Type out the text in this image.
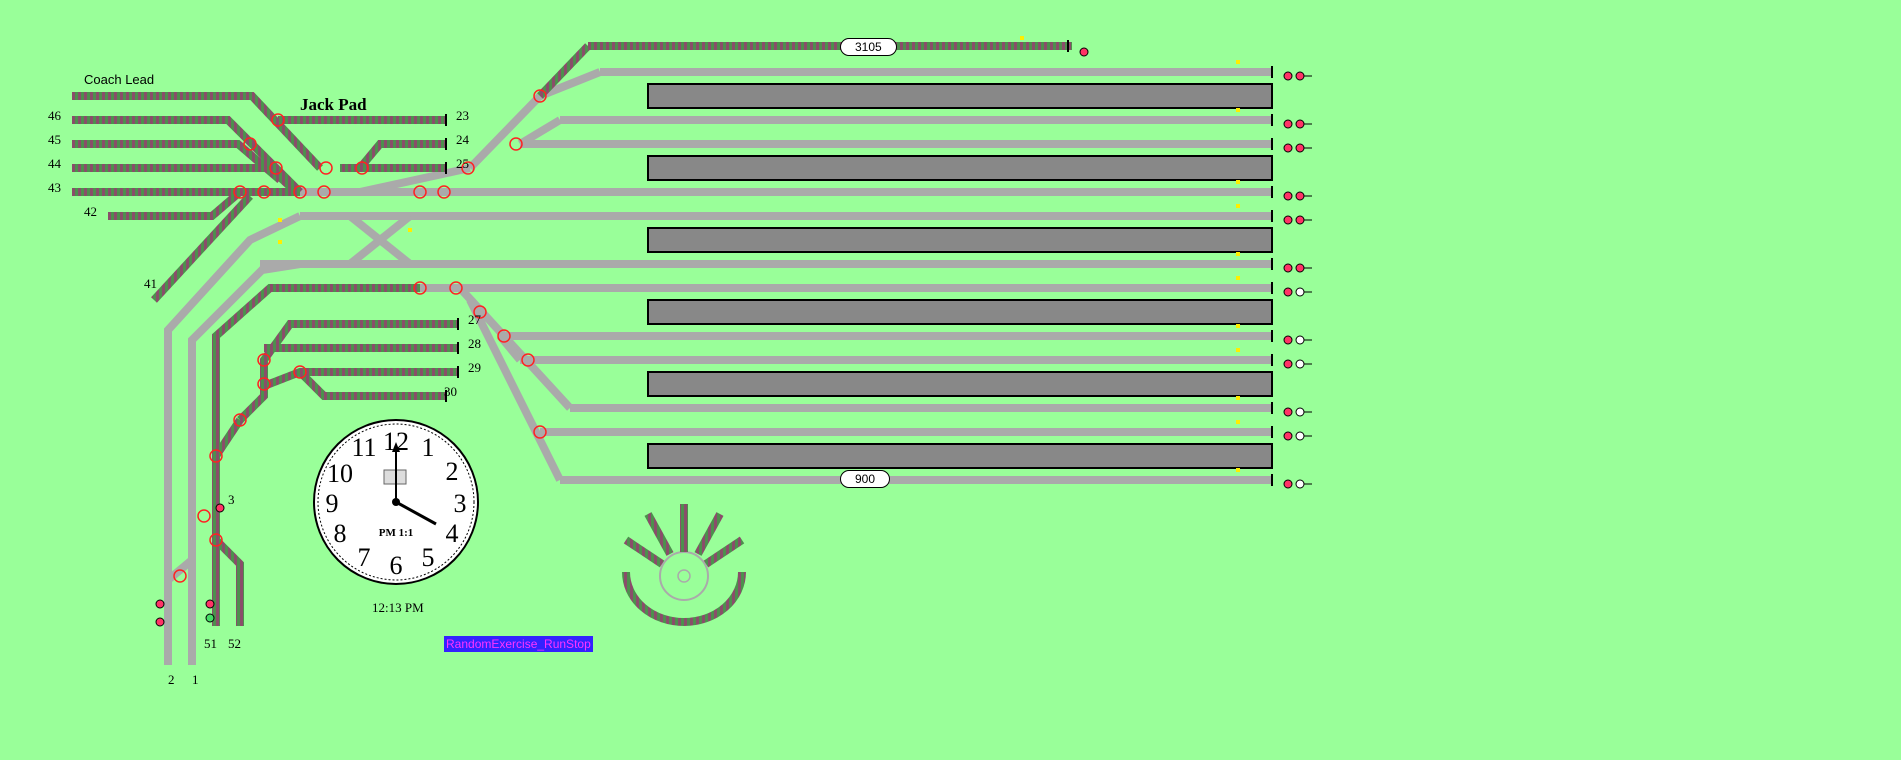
12 1
2
3
4
5
6
7
8
9
10
11
PM 1:1
Coach Lead
Jack Pad
46
45
44
43
42
41
23
24
25
27
28
29
30
3
51 52
2 1
3105
900
12:13 PM
RandomExercise_RunStop
